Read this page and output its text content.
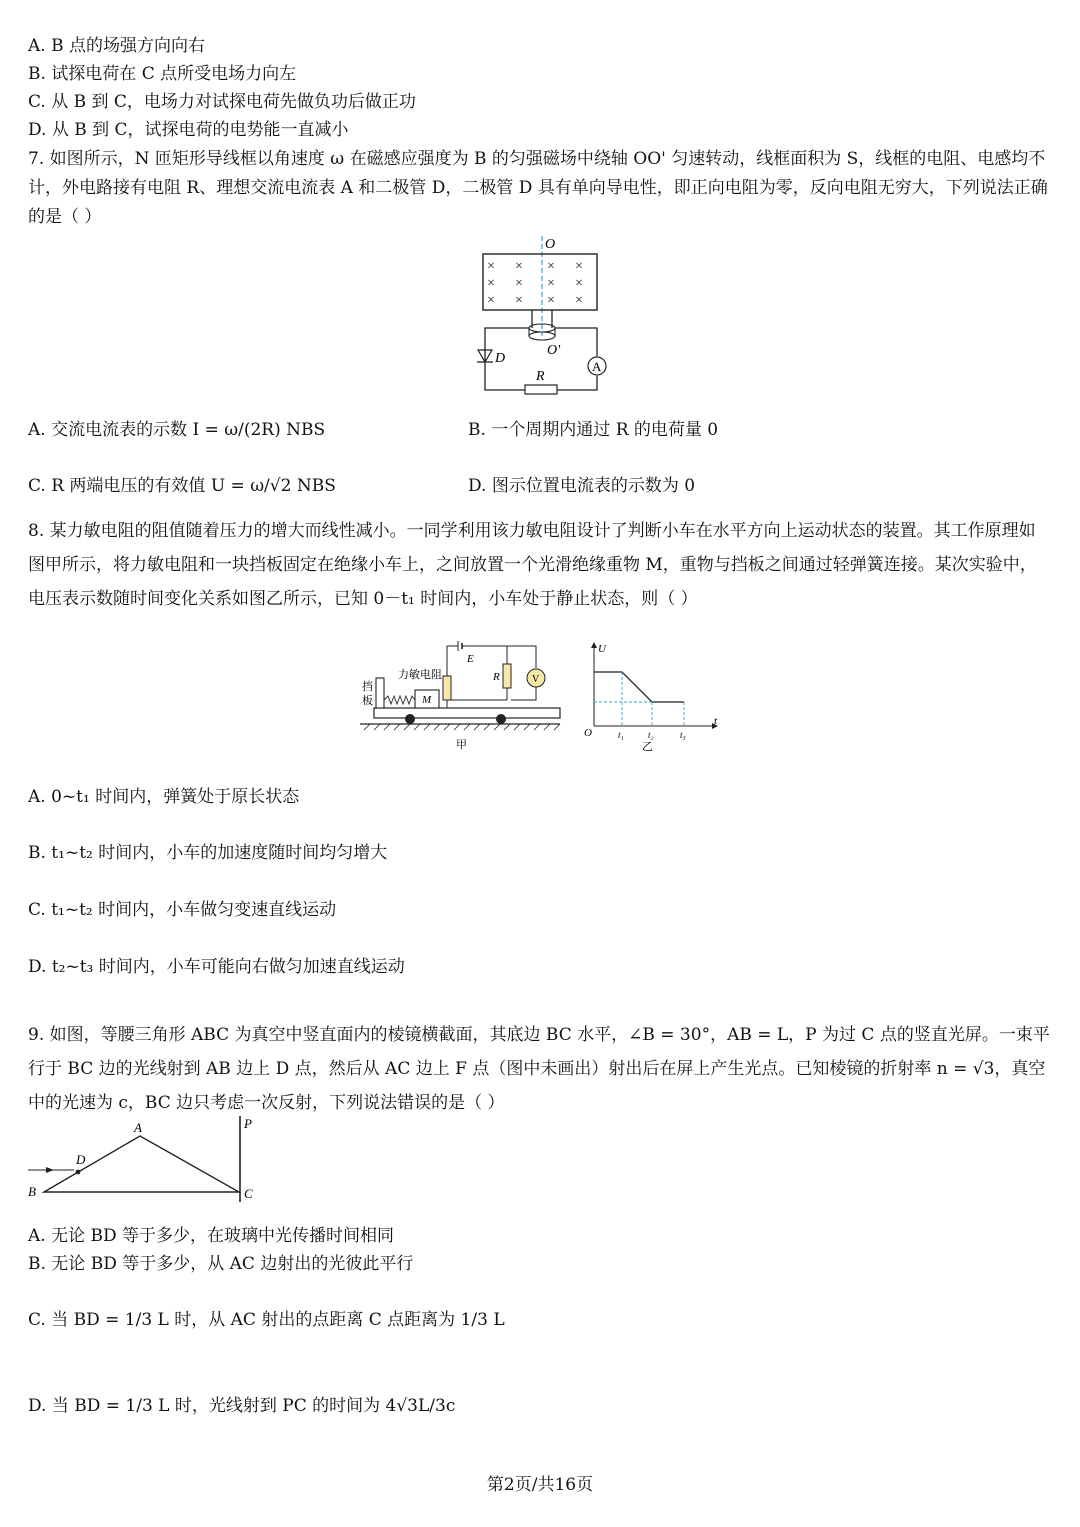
A. B 点的场强方向向右
B. 试探电荷在 C 点所受电场力向左
C. 从 B 到 C，电场力对试探电荷先做负功后做正功
D. 从 B 到 C，试探电荷的电势能一直减小
7. 如图所示，N 匝矩形导线框以角速度 ω 在磁感应强度为 B 的匀强磁场中绕轴 OO' 匀速转动，线框面积为 S，线框的电阻、电感均不计，外电路接有电阻 R、理想交流电流表 A 和二极管 D，二极管 D 具有单向导电性，即正向电阻为零，反向电阻无穷大，下列说法正确的是（ ）
O
× × × ×
× × × ×
× × × ×
O'
D
R
A
A. 交流电流表的示数 I = ω/(2R) NBS	B. 一个周期内通过 R 的电荷量 0
C. R 两端电压的有效值 U = ω/√2 NBS	D. 图示位置电流表的示数为 0
8. 某力敏电阻的阻值随着压力的增大而线性减小。一同学利用该力敏电阻设计了判断小车在水平方向上运动状态的装置。其工作原理如图甲所示，将力敏电阻和一块挡板固定在绝缘小车上，之间放置一个光滑绝缘重物 M，重物与挡板之间通过轻弹簧连接。某次实验中，电压表示数随时间变化关系如图乙所示，已知 0－t₁ 时间内，小车处于静止状态，则（ ）
挡
板	M
力敏电阻
E
R	V
甲
U
O
t
t₁	t₂	t₃
乙
A. 0~t₁ 时间内，弹簧处于原长状态
B. t₁~t₂ 时间内，小车的加速度随时间均匀增大
C. t₁~t₂ 时间内，小车做匀变速直线运动
D. t₂~t₃ 时间内，小车可能向右做匀加速直线运动
9. 如图，等腰三角形 ABC 为真空中竖直面内的棱镜横截面，其底边 BC 水平，∠B = 30°，AB = L，P 为过 C 点的竖直光屏。一束平行于 BC 边的光线射到 AB 边上 D 点，然后从 AC 边上 F 点（图中未画出）射出后在屏上产生光点。已知棱镜的折射率 n = √3，真空中的光速为 c，BC 边只考虑一次反射，下列说法错误的是（ ）
A
B	C
D
P
A. 无论 BD 等于多少，在玻璃中光传播时间相同
B. 无论 BD 等于多少，从 AC 边射出的光彼此平行
C. 当 BD = 1/3 L 时，从 AC 射出的点距离 C 点距离为 1/3 L
D. 当 BD = 1/3 L 时，光线射到 PC 的时间为 4√3L/3c
第2页/共16页
